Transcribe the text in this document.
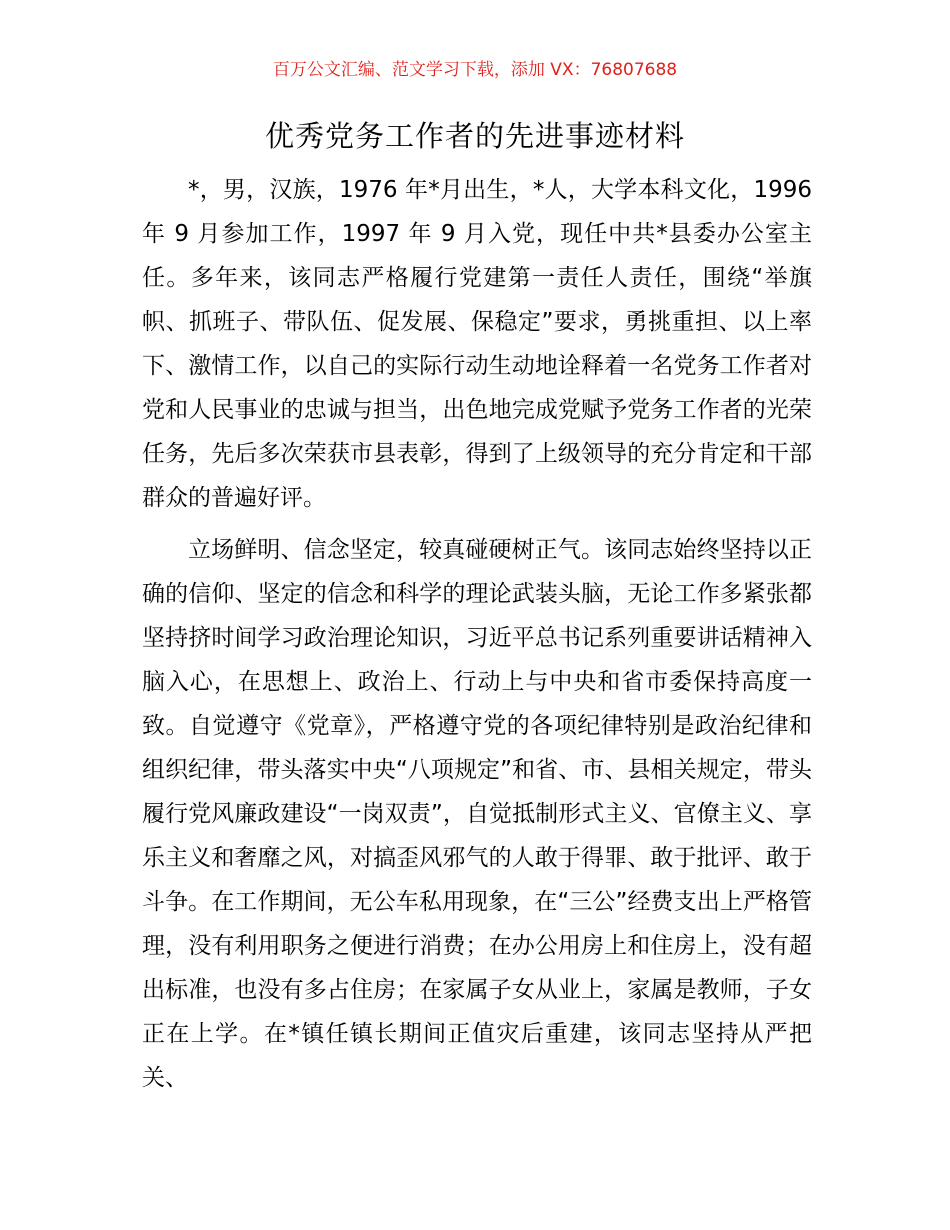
百万公文汇编、范文学习下载，添加 VX：76807688
优秀党务工作者的先进事迹材料

*，男，汉族，1976 年*月出生，*人，大学本科文化，1996 年 9 月参加工作，1997 年 9 月入党，现任中共*县委办公室主任。多年来，该同志严格履行党建第一责任人责任，围绕“举旗帜、抓班子、带队伍、促发展、保稳定”要求，勇挑重担、以上率下、激情工作，以自己的实际行动生动地诠释着一名党务工作者对党和人民事业的忠诚与担当，出色地完成党赋予党务工作者的光荣任务，先后多次荣获市县表彰，得到了上级领导的充分肯定和干部群众的普遍好评。

立场鲜明、信念坚定，较真碰硬树正气。该同志始终坚持以正确的信仰、坚定的信念和科学的理论武装头脑，无论工作多紧张都坚持挤时间学习政治理论知识，习近平总书记系列重要讲话精神入脑入心，在思想上、政治上、行动上与中央和省市委保持高度一致。自觉遵守《党章》，严格遵守党的各项纪律特别是政治纪律和组织纪律，带头落实中央“八项规定”和省、市、县相关规定，带头履行党风廉政建设“一岗双责”，自觉抵制形式主义、官僚主义、享乐主义和奢靡之风，对搞歪风邪气的人敢于得罪、敢于批评、敢于斗争。在工作期间，无公车私用现象，在“三公”经费支出上严格管理，没有利用职务之便进行消费；在办公用房上和住房上，没有超出标准，也没有多占住房；在家属子女从业上，家属是教师，子女正在上学。在*镇任镇长期间正值灾后重建，该同志坚持从严把关、
